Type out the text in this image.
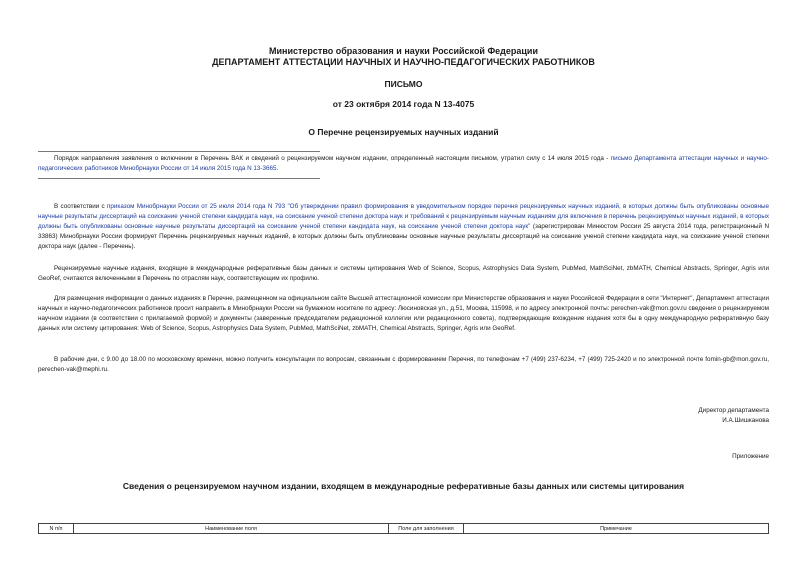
Министерство образования и науки Российской Федерации
ДЕПАРТАМЕНТ АТТЕСТАЦИИ НАУЧНЫХ И НАУЧНО-ПЕДАГОГИЧЕСКИХ РАБОТНИКОВ
ПИСЬМО
от 23 октября 2014 года N 13-4075
О Перечне рецензируемых научных изданий
Порядок направления заявления о включении в Перечень ВАК и сведений о рецензируемом научном издании, определенный настоящим письмом, утратил силу с 14 июля 2015 года - письмо Департамента аттестации научных и научно-педагогических работников Минобрнауки России от 14 июля 2015 года N 13-3665.
В соответствии с приказом Минобрнауки России от 25 июля 2014 года N 793 "Об утверждении правил формирования в уведомительном порядке перечня рецензируемых научных изданий, в которых должны быть опубликованы основные научные результаты диссертаций на соискание ученой степени кандидата наук, на соискание ученой степени доктора наук и требований к рецензируемым научным изданиям для включения в перечень рецензируемых научных изданий, в которых должны быть опубликованы основные научные результаты диссертаций на соискание ученой степени кандидата наук, на соискание ученой степени доктора наук" (зарегистрирован Минюстом России 25 августа 2014 года, регистрационный N 33863) Минобрнауки России формирует Перечень рецензируемых научных изданий, в которых должны быть опубликованы основные научные результаты диссертаций на соискание ученой степени кандидата наук, на соискание ученой степени доктора наук (далее - Перечень).
Рецензируемые научные издания, входящие в международные реферативные базы данных и системы цитирования Web of Science, Scopus, Astrophysics Data System, PubMed, MathSciNet, zbMATH, Chemical Abstracts, Springer, Agris или GeoRef, считаются включенными в Перечень по отраслям наук, соответствующим их профилю.
Для размещения информации о данных изданиях в Перечне, размещенном на официальном сайте Высшей аттестационной комиссии при Министерстве образования и науки Российской Федерации в сети "Интернет", Департамент аттестации научных и научно-педагогических работников просит направить в Минобрнауки России на бумажном носителе по адресу: Люсиновская ул., д.51, Москва, 115998, и по адресу электронной почты: perechen-vak@mon.gov.ru сведения о рецензируемом научном издании (в соответствии с прилагаемой формой) и документы (заверенные председателем редакционной коллегии или редакционного совета), подтверждающие вхождение издания хотя бы в одну международную реферативную базу данных или систему цитирования: Web of Science, Scopus, Astrophysics Data System, PubMed, MathSciNet, zbMATH, Chemical Abstracts, Springer, Agris или GeoRef.
В рабочие дни, с 9.00 до 18.00 по московскому времени, можно получить консультации по вопросам, связанным с формированием Перечня, по телефонам +7 (499) 237-6234, +7 (499) 725-2420 и по электронной почте fomin-gb@mon.gov.ru, perechen-vak@mephi.ru.
Директор департамента
И.А.Шишканова
Приложение
Сведения о рецензируемом научном издании, входящем в международные реферативные базы данных или системы цитирования
N п/п	Наименование поля	Поле для заполнения	Примечание
